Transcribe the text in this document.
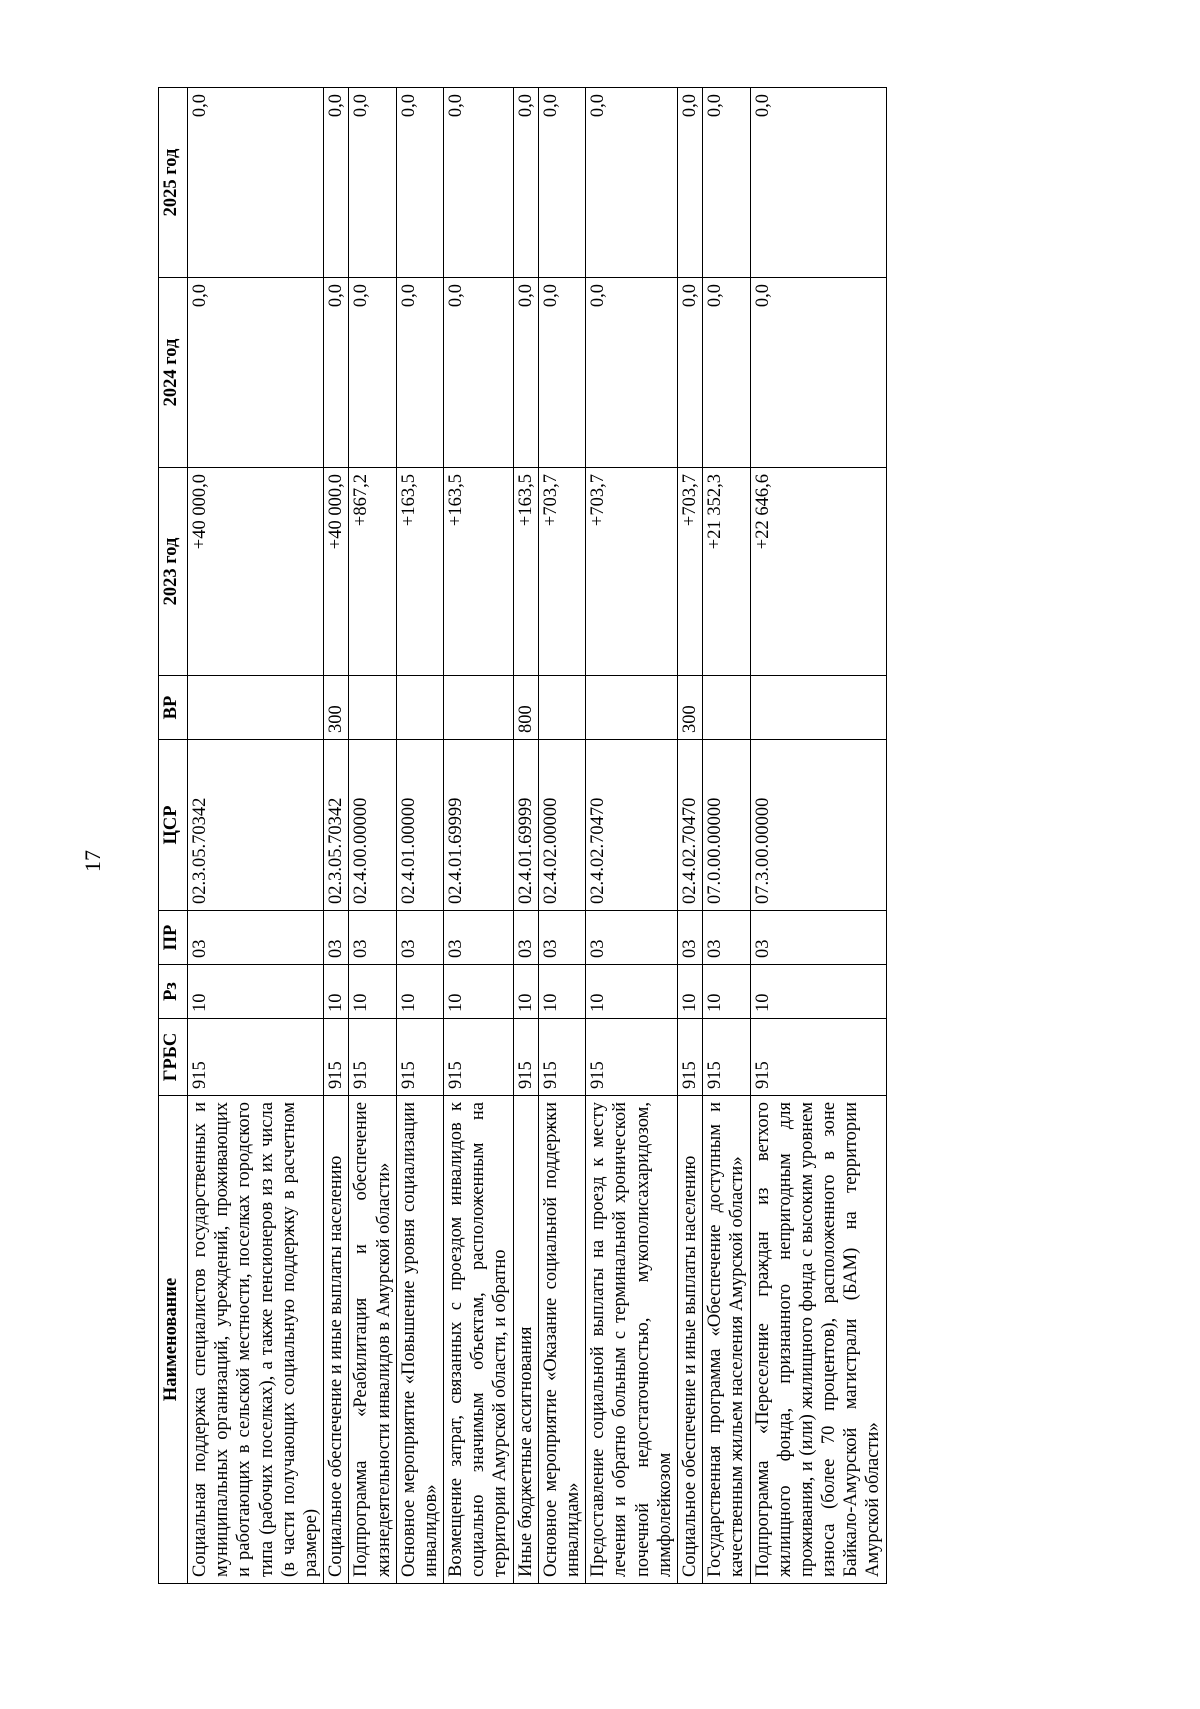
17
Наименование	ГРБС	Рз	ПР	ЦСР	ВР	2023 год	2024 год	2025 год
Социальная поддержка специалистов государственных и муниципальных организаций, учреждений, проживающих и работающих в сельской местности, поселках городского типа (рабочих поселках), а также пенсионеров из их числа (в части получающих социальную поддержку в расчетном размере)	915	10	03	02.3.05.70342		+40 000,0	0,0	0,0
Социальное обеспечение и иные выплаты населению	915	10	03	02.3.05.70342	300	+40 000,0	0,0	0,0
Подпрограмма «Реабилитация и обеспечение жизнедеятельности инвалидов в Амурской области»	915	10	03	02.4.00.00000		+867,2	0,0	0,0
Основное мероприятие «Повышение уровня социализации инвалидов»	915	10	03	02.4.01.00000		+163,5	0,0	0,0
Возмещение затрат, связанных с проездом инвалидов к социально значимым объектам, расположенным на территории Амурской области, и обратно	915	10	03	02.4.01.69999		+163,5	0,0	0,0
Иные бюджетные ассигнования	915	10	03	02.4.01.69999	800	+163,5	0,0	0,0
Основное мероприятие «Оказание социальной поддержки инвалидам»	915	10	03	02.4.02.00000		+703,7	0,0	0,0
Предоставление социальной выплаты на проезд к месту лечения и обратно больным с терминальной хронической почечной недостаточностью, мукополисахаридозом, лимфолейкозом	915	10	03	02.4.02.70470		+703,7	0,0	0,0
Социальное обеспечение и иные выплаты населению	915	10	03	02.4.02.70470	300	+703,7	0,0	0,0
Государственная программа «Обеспечение доступным и качественным жильем населения Амурской области»	915	10	03	07.0.00.00000		+21 352,3	0,0	0,0
Подпрограмма «Переселение граждан из ветхого жилищного фонда, признанного непригодным для проживания, и (или) жилищного фонда с высоким уровнем износа (более 70 процентов), расположенного в зоне Байкало-Амурской магистрали (БАМ) на территории Амурской области»	915	10	03	07.3.00.00000		+22 646,6	0,0	0,0
